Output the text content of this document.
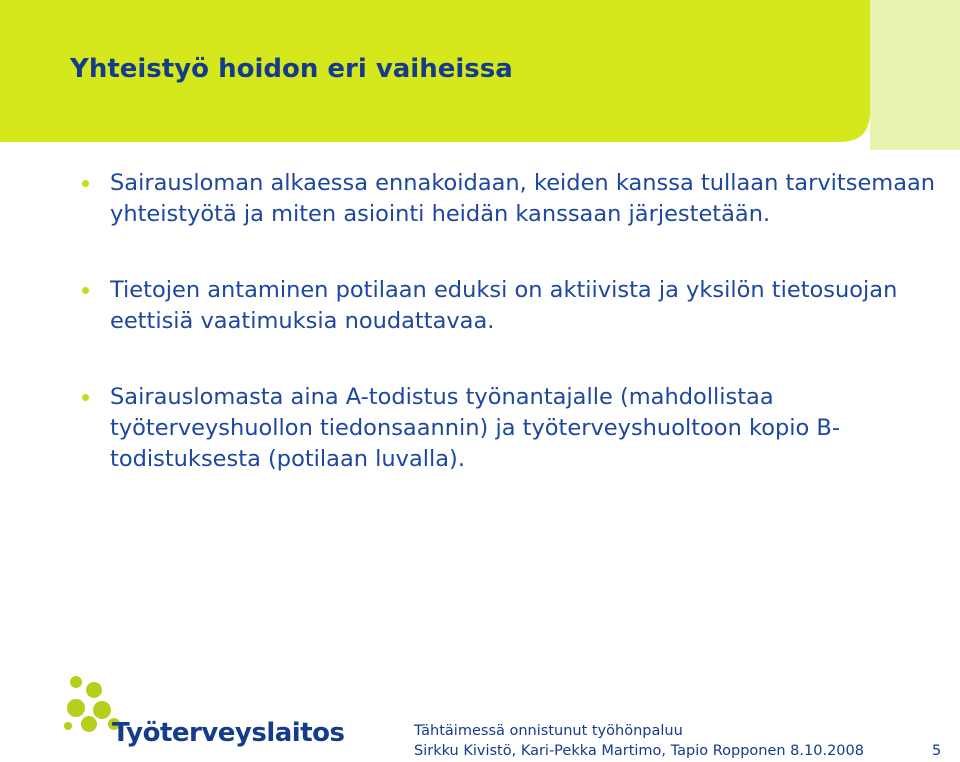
Yhteistyö hoidon eri vaiheissa
Sairausloman alkaessa ennakoidaan, keiden kanssa tullaan tarvitsemaan yhteistyötä ja miten asiointi heidän kanssaan järjestetään.
Tietojen antaminen potilaan eduksi on aktiivista ja yksilön tietosuojan eettisiä vaatimuksia noudattavaa.
Sairauslomasta aina A-todistus työnantajalle (mahdollistaa työterveyshuollon tiedonsaannin) ja työterveyshuoltoon kopio B-todistuksesta (potilaan luvalla).
Työterveyslaitos	Tähtäimessä onnistunut työhönpaluu
Sirkku Kivistö, Kari-Pekka Martimo, Tapio Ropponen 8.10.2008	5
